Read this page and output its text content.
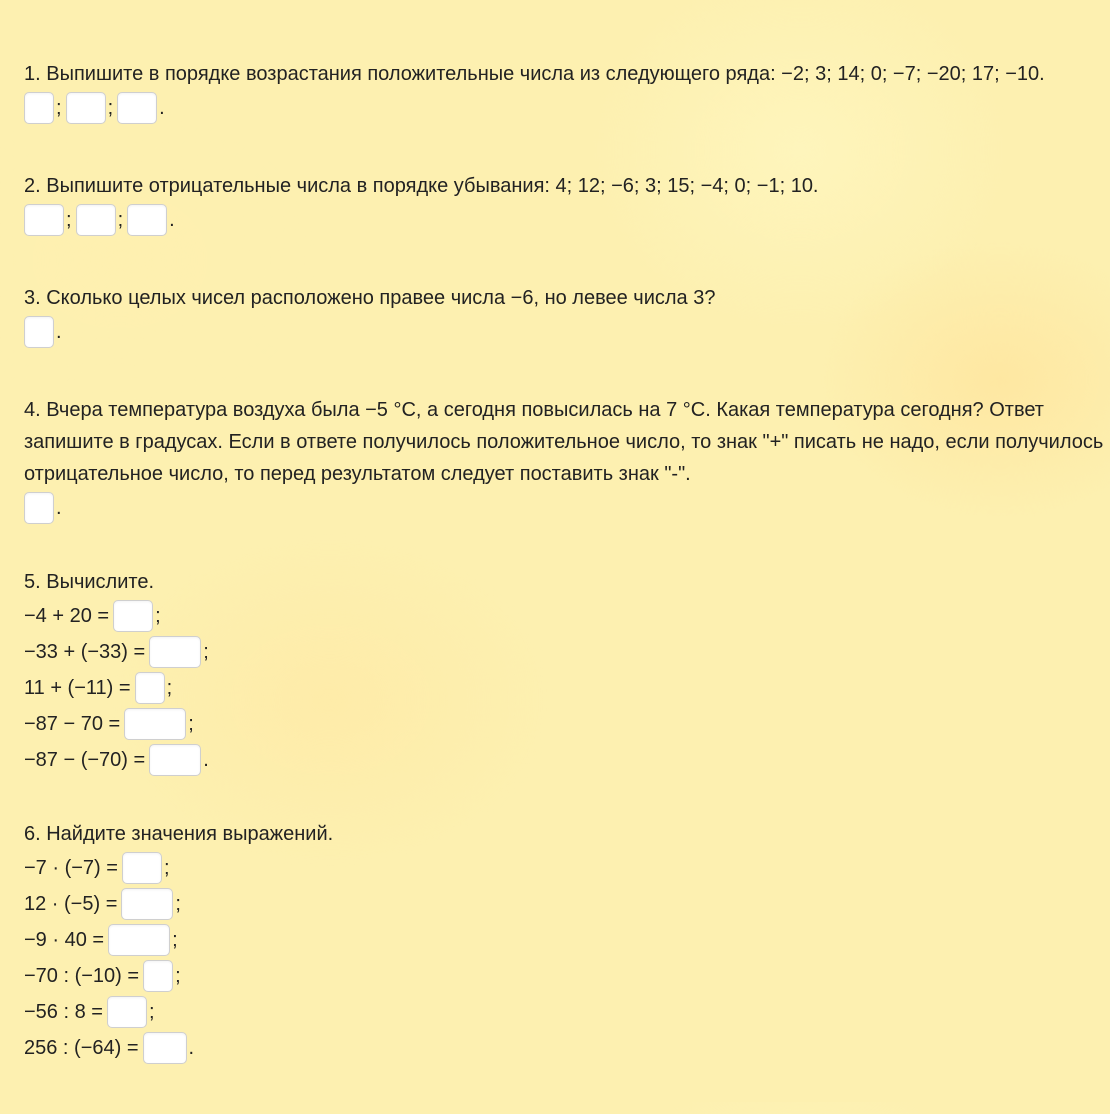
1. Выпишите в порядке возрастания положительные числа из следующего ряда: −2; 3; 14; 0; −7; −20; 17; −10.

; ; .

2. Выпишите отрицательные числа в порядке убывания: 4; 12; −6; 3; 15; −4; 0; −1; 10.

; ; .

3. Сколько целых чисел расположено правее числа −6, но левее числа 3?

.

4. Вчера температура воздуха была −5 °C, а сегодня повысилась на 7 °C. Какая температура сегодня? Ответ запишите в градусах. Если в ответе получилось положительное число, то знак "+" писать не надо, если получилось отрицательное число, то перед результатом следует поставить знак "-".

.

5. Вычислите.

−4 + 20 = ;
−33 + (−33) =	;
11 + (−11) = ;
−87 − 70 =	;
−87 − (−70) =	.

6. Найдите значения выражений.

−7 · (−7) = ;
12 · (−5) =	;
−9 · 40 =	;
−70 : (−10) = ;
−56 : 8 = ;
256 : (−64) =	.
